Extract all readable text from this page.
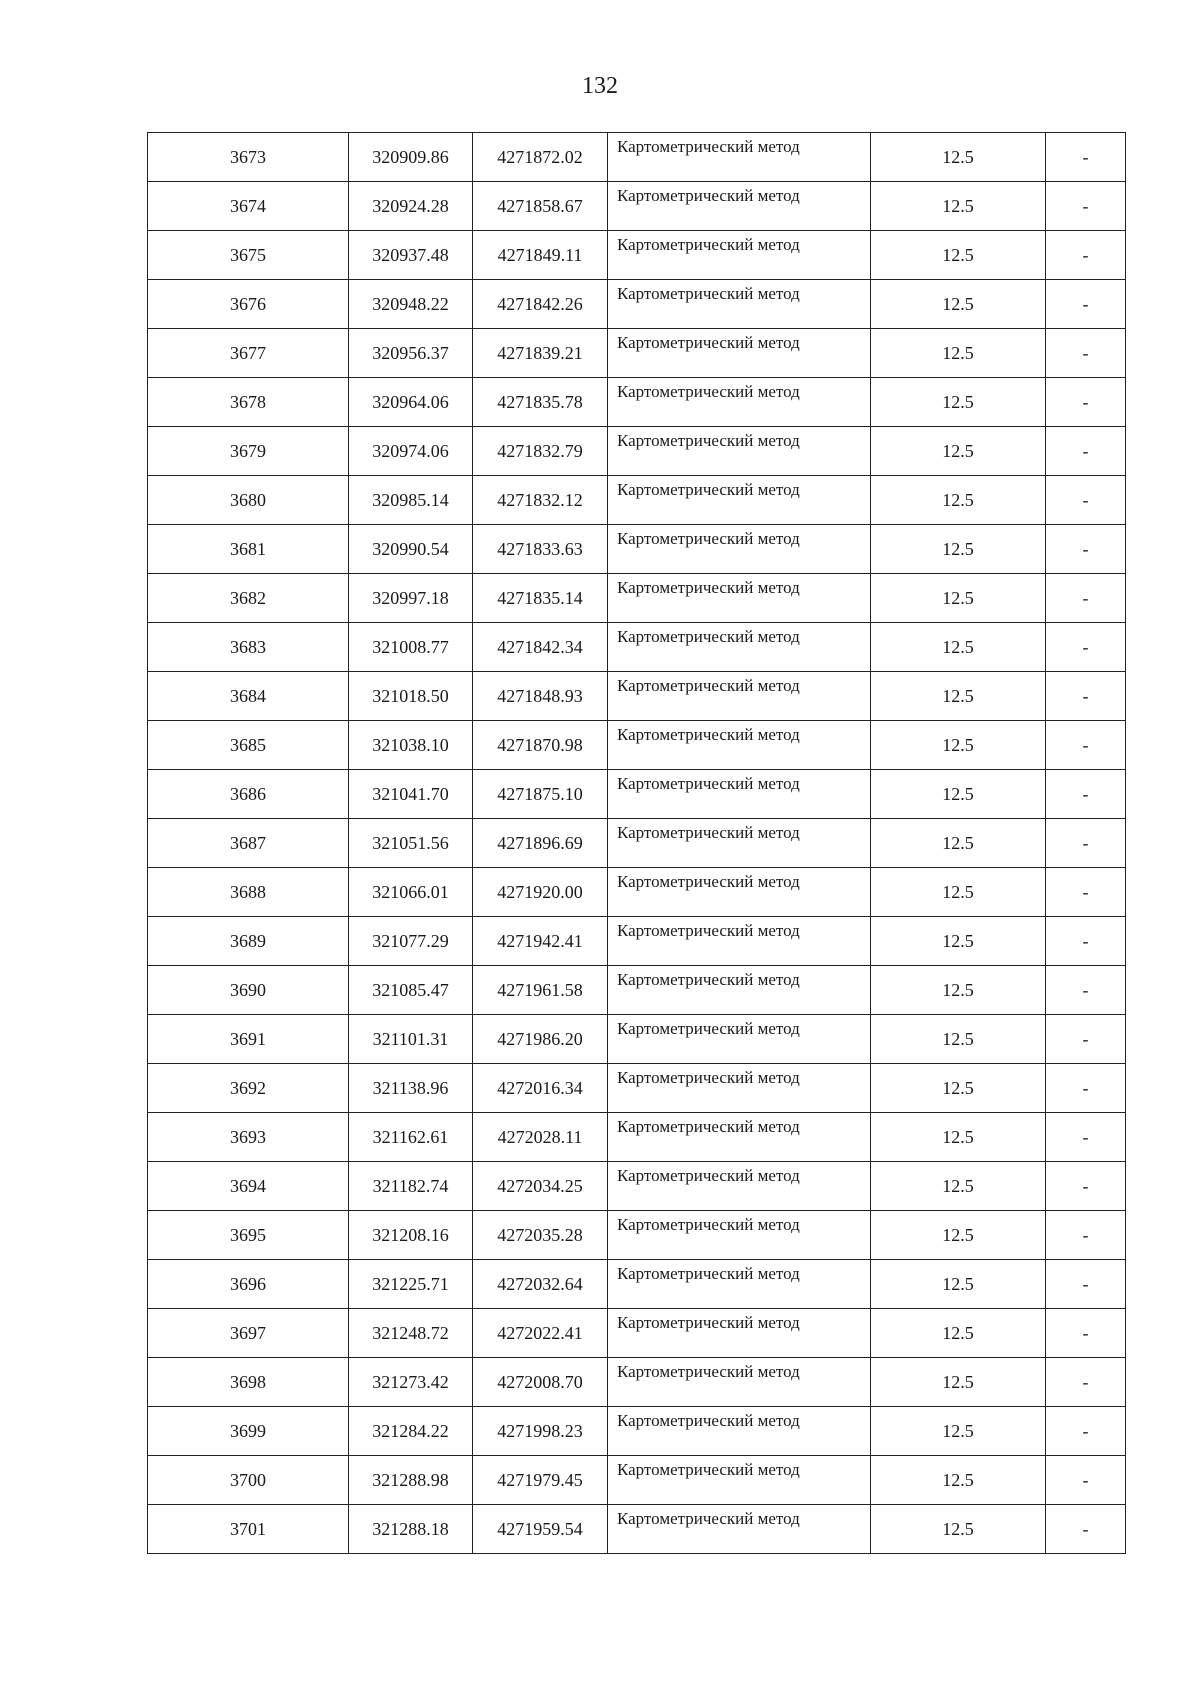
132
3673	320909.86	4271872.02	Картометрический метод	12.5	-
3674	320924.28	4271858.67	Картометрический метод	12.5	-
3675	320937.48	4271849.11	Картометрический метод	12.5	-
3676	320948.22	4271842.26	Картометрический метод	12.5	-
3677	320956.37	4271839.21	Картометрический метод	12.5	-
3678	320964.06	4271835.78	Картометрический метод	12.5	-
3679	320974.06	4271832.79	Картометрический метод	12.5	-
3680	320985.14	4271832.12	Картометрический метод	12.5	-
3681	320990.54	4271833.63	Картометрический метод	12.5	-
3682	320997.18	4271835.14	Картометрический метод	12.5	-
3683	321008.77	4271842.34	Картометрический метод	12.5	-
3684	321018.50	4271848.93	Картометрический метод	12.5	-
3685	321038.10	4271870.98	Картометрический метод	12.5	-
3686	321041.70	4271875.10	Картометрический метод	12.5	-
3687	321051.56	4271896.69	Картометрический метод	12.5	-
3688	321066.01	4271920.00	Картометрический метод	12.5	-
3689	321077.29	4271942.41	Картометрический метод	12.5	-
3690	321085.47	4271961.58	Картометрический метод	12.5	-
3691	321101.31	4271986.20	Картометрический метод	12.5	-
3692	321138.96	4272016.34	Картометрический метод	12.5	-
3693	321162.61	4272028.11	Картометрический метод	12.5	-
3694	321182.74	4272034.25	Картометрический метод	12.5	-
3695	321208.16	4272035.28	Картометрический метод	12.5	-
3696	321225.71	4272032.64	Картометрический метод	12.5	-
3697	321248.72	4272022.41	Картометрический метод	12.5	-
3698	321273.42	4272008.70	Картометрический метод	12.5	-
3699	321284.22	4271998.23	Картометрический метод	12.5	-
3700	321288.98	4271979.45	Картометрический метод	12.5	-
3701	321288.18	4271959.54	Картометрический метод	12.5	-
